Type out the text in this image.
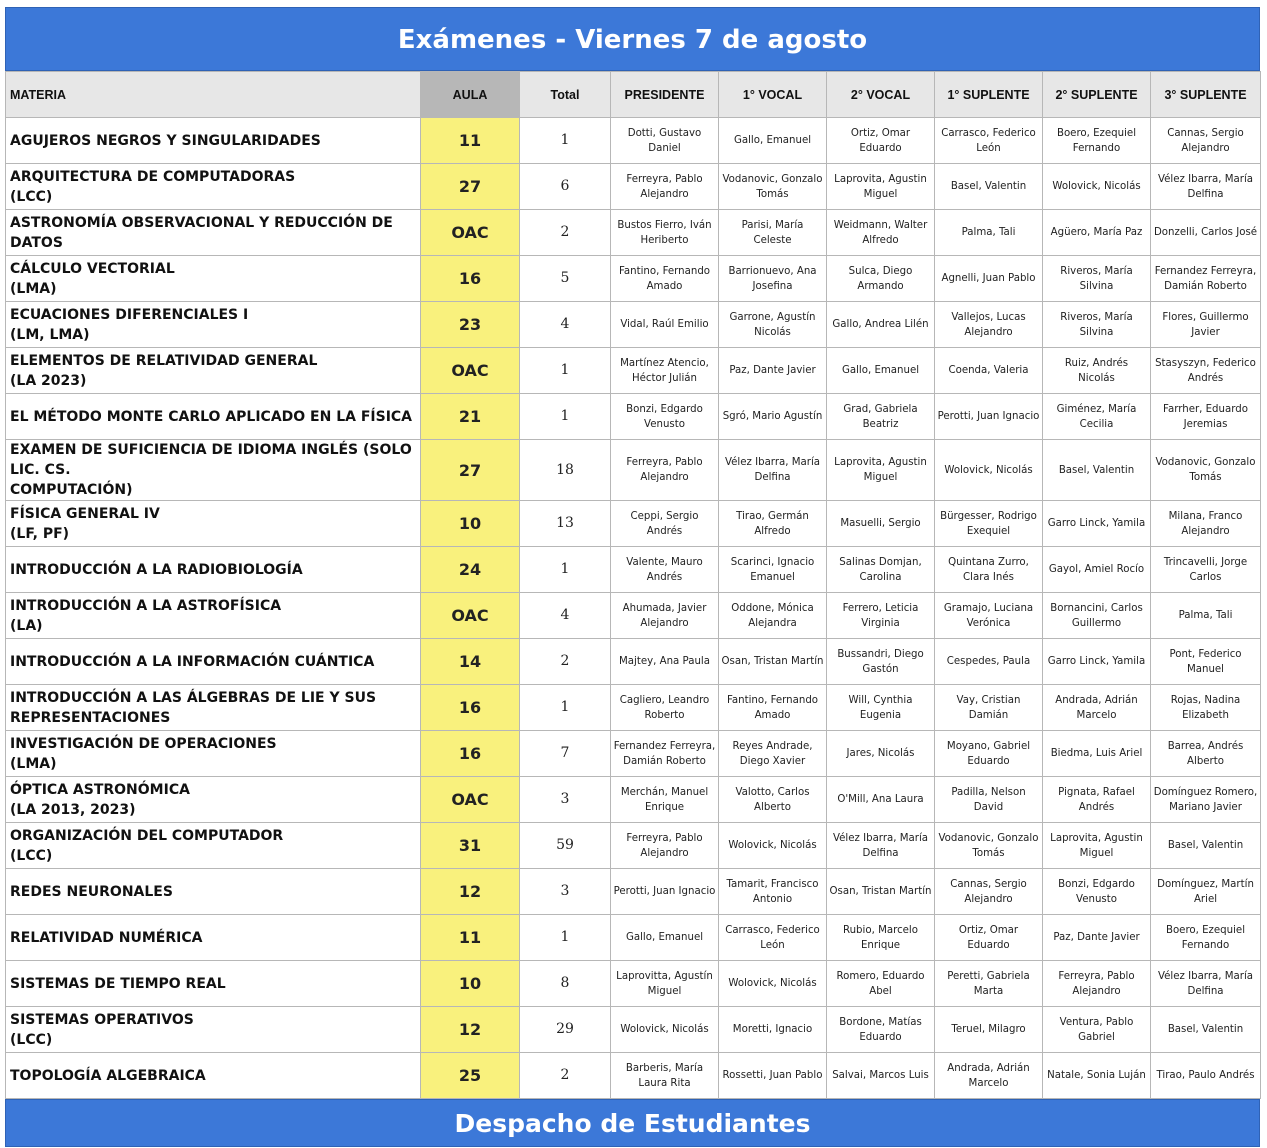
Exámenes - Viernes 7 de agosto
MATERIA	AULA	Total	PRESIDENTE	1° VOCAL	2° VOCAL	1° SUPLENTE	2° SUPLENTE	3° SUPLENTE

AGUJEROS NEGROS Y SINGULARIDADES	11	1	Dotti, Gustavo Daniel	Gallo, Emanuel	Ortiz, Omar Eduardo	Carrasco, Federico León	Boero, Ezequiel Fernando	Cannas, Sergio Alejandro

ARQUITECTURA DE COMPUTADORAS
(LCC)	27	6	Ferreyra, Pablo Alejandro	Vodanovic, Gonzalo Tomás	Laprovita, Agustin Miguel	Basel, Valentin	Wolovick, Nicolás	Vélez Ibarra, María Delfina

ASTRONOMÍA OBSERVACIONAL Y REDUCCIÓN DE DATOS	OAC	2	Bustos Fierro, Iván Heriberto	Parisi, María Celeste	Weidmann, Walter Alfredo	Palma, Tali	Agüero, María Paz	Donzelli, Carlos José

CÁLCULO VECTORIAL
(LMA)	16	5	Fantino, Fernando Amado	Barrionuevo, Ana Josefina	Sulca, Diego Armando	Agnelli, Juan Pablo	Riveros, María Silvina	Fernandez Ferreyra, Damián Roberto

ECUACIONES DIFERENCIALES I
(LM, LMA)	23	4	Vidal, Raúl Emilio	Garrone, Agustín Nicolás	Gallo, Andrea Lilén	Vallejos, Lucas Alejandro	Riveros, María Silvina	Flores, Guillermo Javier

ELEMENTOS DE RELATIVIDAD GENERAL
(LA 2023)	OAC	1	Martínez Atencio, Héctor Julián	Paz, Dante Javier	Gallo, Emanuel	Coenda, Valeria	Ruiz, Andrés Nicolás	Stasyszyn, Federico Andrés

EL MÉTODO MONTE CARLO APLICADO EN LA FÍSICA	21	1	Bonzi, Edgardo Venusto	Sgró, Mario Agustín	Grad, Gabriela Beatriz	Perotti, Juan Ignacio	Giménez, María Cecilia	Farrher, Eduardo Jeremias

EXAMEN DE SUFICIENCIA DE IDIOMA INGLÉS (SOLO LIC. CS.
COMPUTACIÓN)	27	18	Ferreyra, Pablo Alejandro	Vélez Ibarra, María Delfina	Laprovita, Agustin Miguel	Wolovick, Nicolás	Basel, Valentin	Vodanovic, Gonzalo Tomás

FÍSICA GENERAL IV
(LF, PF)	10	13	Ceppi, Sergio Andrés	Tirao, Germán Alfredo	Masuelli, Sergio	Bürgesser, Rodrigo Exequiel	Garro Linck, Yamila	Milana, Franco Alejandro

INTRODUCCIÓN A LA RADIOBIOLOGÍA	24	1	Valente, Mauro Andrés	Scarinci, Ignacio Emanuel	Salinas Domjan, Carolina	Quintana Zurro, Clara Inés	Gayol, Amiel Rocío	Trincavelli, Jorge Carlos

INTRODUCCIÓN A LA ASTROFÍSICA
(LA)	OAC	4	Ahumada, Javier Alejandro	Oddone, Mónica Alejandra	Ferrero, Leticia Virginia	Gramajo, Luciana Verónica	Bornancini, Carlos Guillermo	Palma, Tali

INTRODUCCIÓN A LA INFORMACIÓN CUÁNTICA	14	2	Majtey, Ana Paula	Osan, Tristan Martín	Bussandri, Diego Gastón	Cespedes, Paula	Garro Linck, Yamila	Pont, Federico Manuel

INTRODUCCIÓN A LAS ÁLGEBRAS DE LIE Y SUS
REPRESENTACIONES	16	1	Cagliero, Leandro Roberto	Fantino, Fernando Amado	Will, Cynthia Eugenia	Vay, Cristian Damián	Andrada, Adrián Marcelo	Rojas, Nadina Elizabeth

INVESTIGACIÓN DE OPERACIONES
(LMA)	16	7	Fernandez Ferreyra, Damián Roberto	Reyes Andrade, Diego Xavier	Jares, Nicolás	Moyano, Gabriel Eduardo	Biedma, Luis Ariel	Barrea, Andrés Alberto

ÓPTICA ASTRONÓMICA
(LA 2013, 2023)	OAC	3	Merchán, Manuel Enrique	Valotto, Carlos Alberto	O'Mill, Ana Laura	Padilla, Nelson David	Pignata, Rafael Andrés	Domínguez Romero, Mariano Javier

ORGANIZACIÓN DEL COMPUTADOR
(LCC)	31	59	Ferreyra, Pablo Alejandro	Wolovick, Nicolás	Vélez Ibarra, María Delfina	Vodanovic, Gonzalo Tomás	Laprovita, Agustin Miguel	Basel, Valentin

REDES NEURONALES	12	3	Perotti, Juan Ignacio	Tamarit, Francisco Antonio	Osan, Tristan Martín	Cannas, Sergio Alejandro	Bonzi, Edgardo Venusto	Domínguez, Martín Ariel

RELATIVIDAD NUMÉRICA	11	1	Gallo, Emanuel	Carrasco, Federico León	Rubio, Marcelo Enrique	Ortiz, Omar Eduardo	Paz, Dante Javier	Boero, Ezequiel Fernando

SISTEMAS DE TIEMPO REAL	10	8	Laprovitta, Agustín Miguel	Wolovick, Nicolás	Romero, Eduardo Abel	Peretti, Gabriela Marta	Ferreyra, Pablo Alejandro	Vélez Ibarra, María Delfina

SISTEMAS OPERATIVOS
(LCC)	12	29	Wolovick, Nicolás	Moretti, Ignacio	Bordone, Matías Eduardo	Teruel, Milagro	Ventura, Pablo Gabriel	Basel, Valentin

TOPOLOGÍA ALGEBRAICA	25	2	Barberis, María Laura Rita	Rossetti, Juan Pablo	Salvai, Marcos Luis	Andrada, Adrián Marcelo	Natale, Sonia Luján	Tirao, Paulo Andrés
Despacho de Estudiantes
